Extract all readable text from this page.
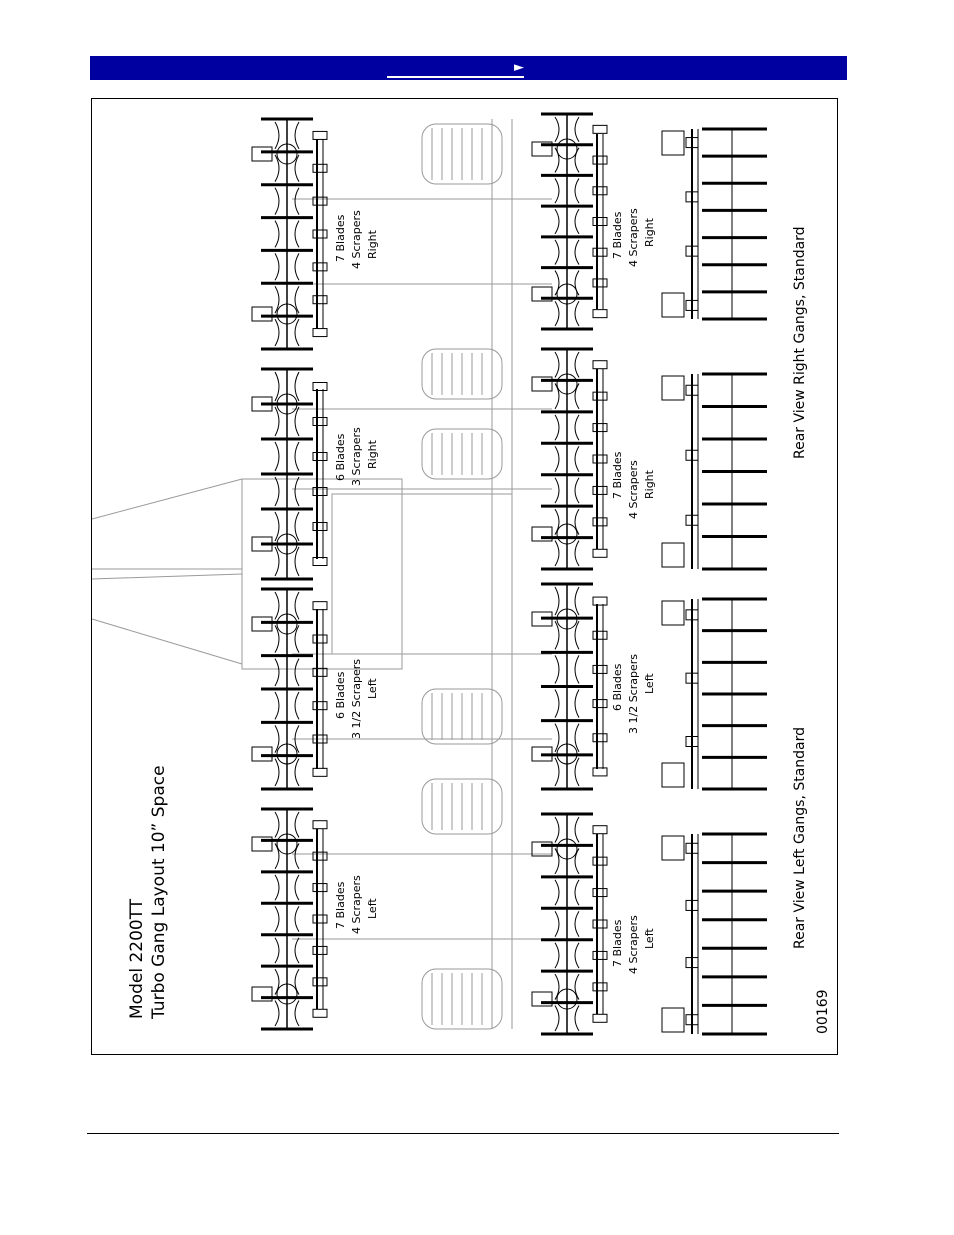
►
Model 2200TT Turbo Gang Layout 10” Space	7 Blades 4 Scrapers Left
6 Blades 3 1/2 Scrapers Left
6 Blades 3 Scrapers Right
7 Blades 4 Scrapers Right
7 Blades 4 Scrapers Left
6 Blades 3 1/2 Scrapers Left
7 Blades 4 Scrapers Right
7 Blades 4 Scrapers Right
Rear View Left Gangs, Standard
Rear View Right Gangs, Standard
00169
